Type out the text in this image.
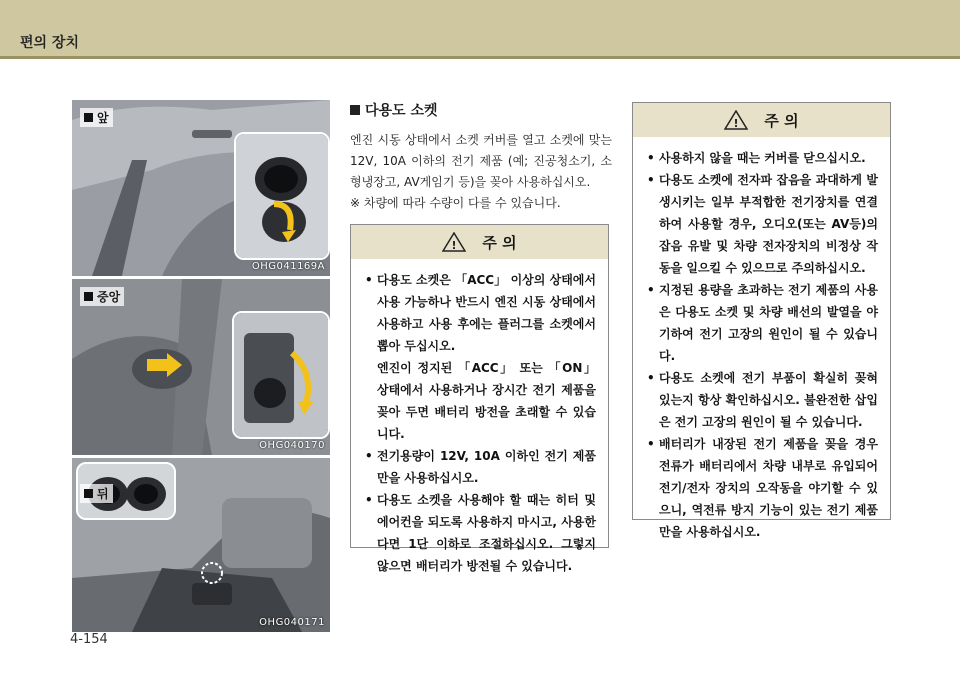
편의 장치
앞
OHG041169A
중앙
OHG040170
뒤
OHG040171
4-154
다용도 소켓
엔진 시동 상태에서 소켓 커버를 열고 소켓에 맞는 12V, 10A 이하의 전기 제품 (예; 진공청소기, 소형냉장고, AV게임기 등)을 꽂아 사용하십시오.
※ 차량에 따라 수량이 다를 수 있습니다.
! 주 의
• 다용도 소켓은 「ACC」 이상의 상태에서 사용 가능하나 반드시 엔진 시동 상태에서 사용하고 사용 후에는 플러그를 소켓에서 뽑아 두십시오.
엔진이 정지된 「ACC」 또는 「ON」 상태에서 사용하거나 장시간 전기 제품을 꽂아 두면 배터리 방전을 초래할 수 있습니다.
• 전기용량이 12V, 10A 이하인 전기 제품만을 사용하십시오.
• 다용도 소켓을 사용해야 할 때는 히터 및 에어컨을 되도록 사용하지 마시고, 사용한 다면 1단 이하로 조절하십시오. 그렇지 않으면 배터리가 방전될 수 있습니다.
! 주 의
• 사용하지 않을 때는 커버를 닫으십시오.
• 다용도 소켓에 전자파 잡음을 과대하게 발생시키는 일부 부적합한 전기장치를 연결하여 사용할 경우, 오디오(또는 AV등)의 잡음 유발 및 차량 전자장치의 비정상 작동을 일으킬 수 있으므로 주의하십시오.
• 지정된 용량을 초과하는 전기 제품의 사용은 다용도 소켓 및 차량 배선의 발열을 야기하여 전기 고장의 원인이 될 수 있습니다.
• 다용도 소켓에 전기 부품이 확실히 꽂혀 있는지 항상 확인하십시오. 불완전한 삽입은 전기 고장의 원인이 될 수 있습니다.
• 배터리가 내장된 전기 제품을 꽂을 경우 전류가 배터리에서 차량 내부로 유입되어 전기/전자 장치의 오작동을 야기할 수 있으니, 역전류 방지 기능이 있는 전기 제품만을 사용하십시오.
